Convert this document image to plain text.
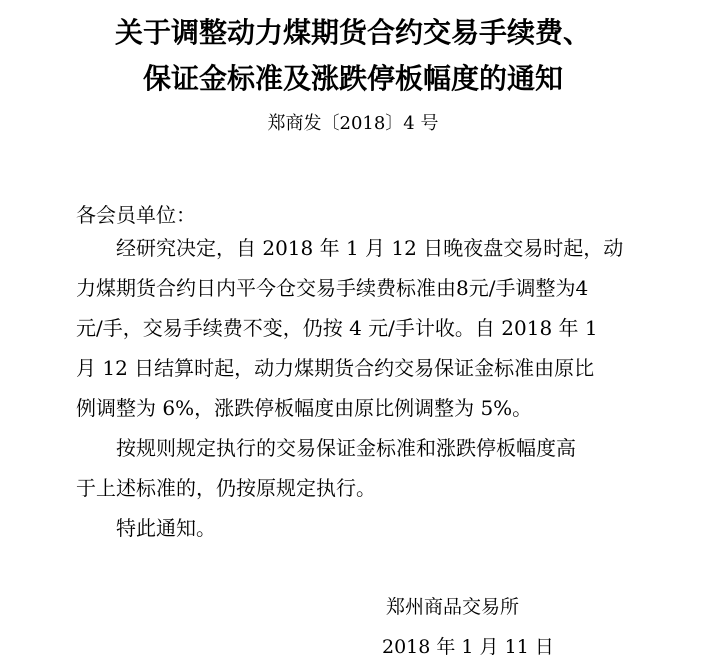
关于调整动力煤期货合约交易手续费、
保证金标准及涨跌停板幅度的通知
郑商发〔2018〕4 号
各会员单位：
经研究决定，自 2018 年 1 月 12 日晚夜盘交易时起，动
力煤期货合约日内平今仓交易手续费标准由8元/手调整为4
元/手，交易手续费不变，仍按 4 元/手计收。自 2018 年 1
月 12 日结算时起，动力煤期货合约交易保证金标准由原比
例调整为 6%，涨跌停板幅度由原比例调整为 5%。
按规则规定执行的交易保证金标准和涨跌停板幅度高
于上述标准的，仍按原规定执行。
特此通知。
郑州商品交易所
2018 年 1 月 11 日
